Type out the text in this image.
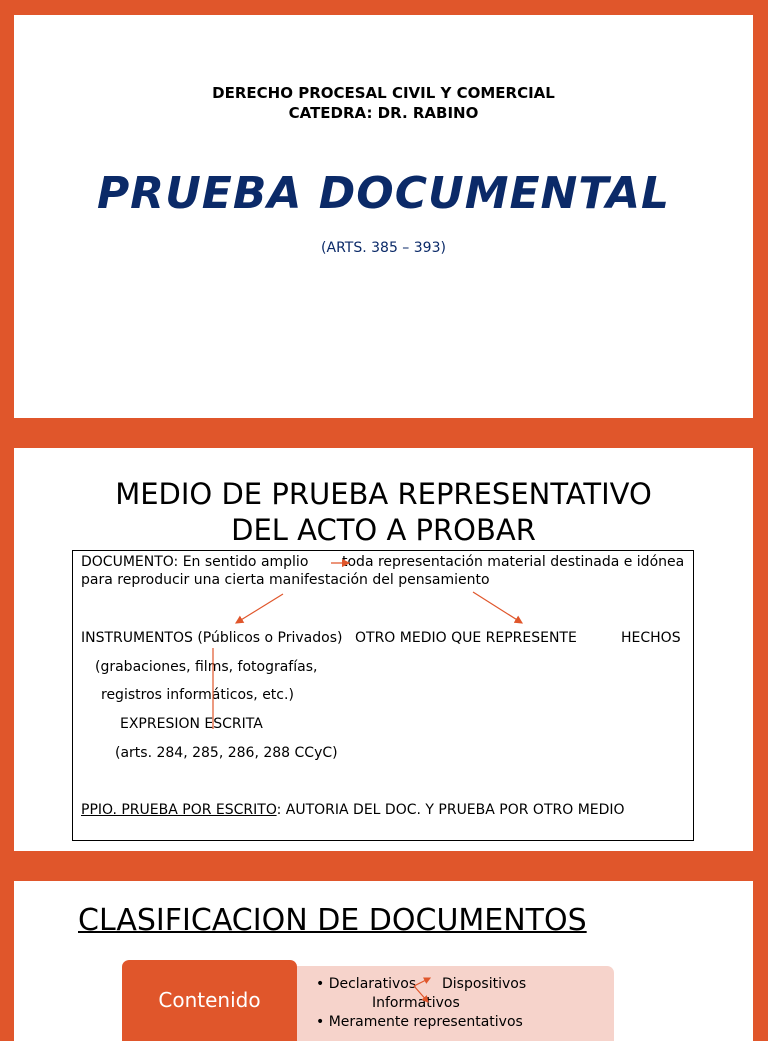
DERECHO PROCESAL CIVIL Y COMERCIAL
CATEDRA: DR. RABINO
PRUEBA DOCUMENTAL
(ARTS. 385 – 393)
MEDIO DE PRUEBA REPRESENTATIVO
DEL ACTO A PROBAR
DOCUMENTO: En sentido amplio toda representación material destinada e idónea
para reproducir una cierta manifestación del pensamiento
INSTRUMENTOS (Públicos o Privados) OTRO MEDIO QUE REPRESENTE	HECHOS
(grabaciones, films, fotografías,
registros informáticos, etc.)
EXPRESION ESCRITA
(arts. 284, 285, 286, 288 CCyC)
PPIO. PRUEBA POR ESCRITO: AUTORIA DEL DOC. Y PRUEBA POR OTRO MEDIO
CLASIFICACION DE DOCUMENTOS
• Declarativos Dispositivos
Informativos
• Meramente representativos
Contenido
